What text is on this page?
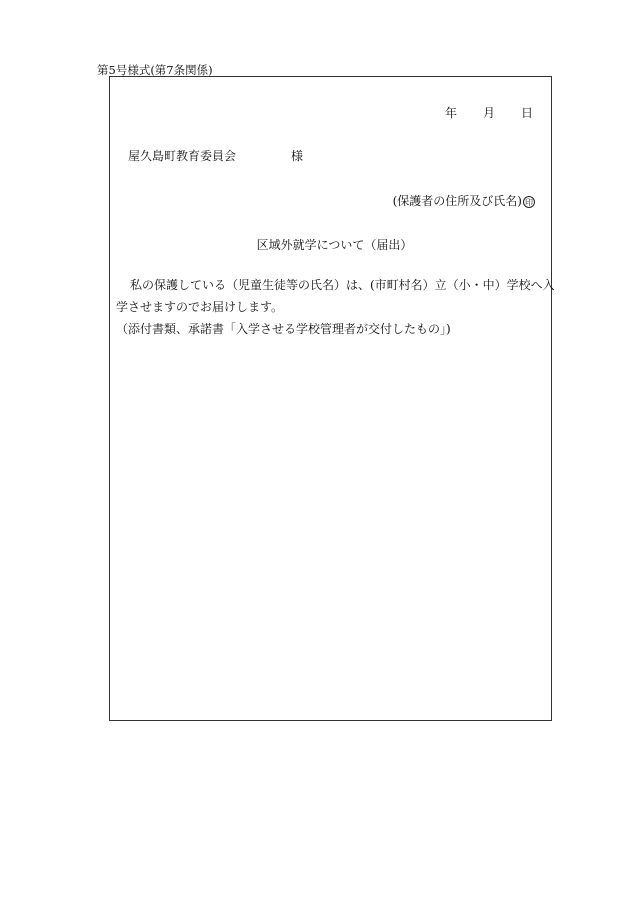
第5号様式(第7条関係)
年 月 日
屋久島町教育委員会	様
(保護者の住所及び氏名) 印
区域外就学について（届出）

私の保護している（児童生徒等の氏名）は、(市町村名）立（小・中）学校へ入

学させますのでお届けします。

（添付書類、承諾書「入学させる学校管理者が交付したもの」)
